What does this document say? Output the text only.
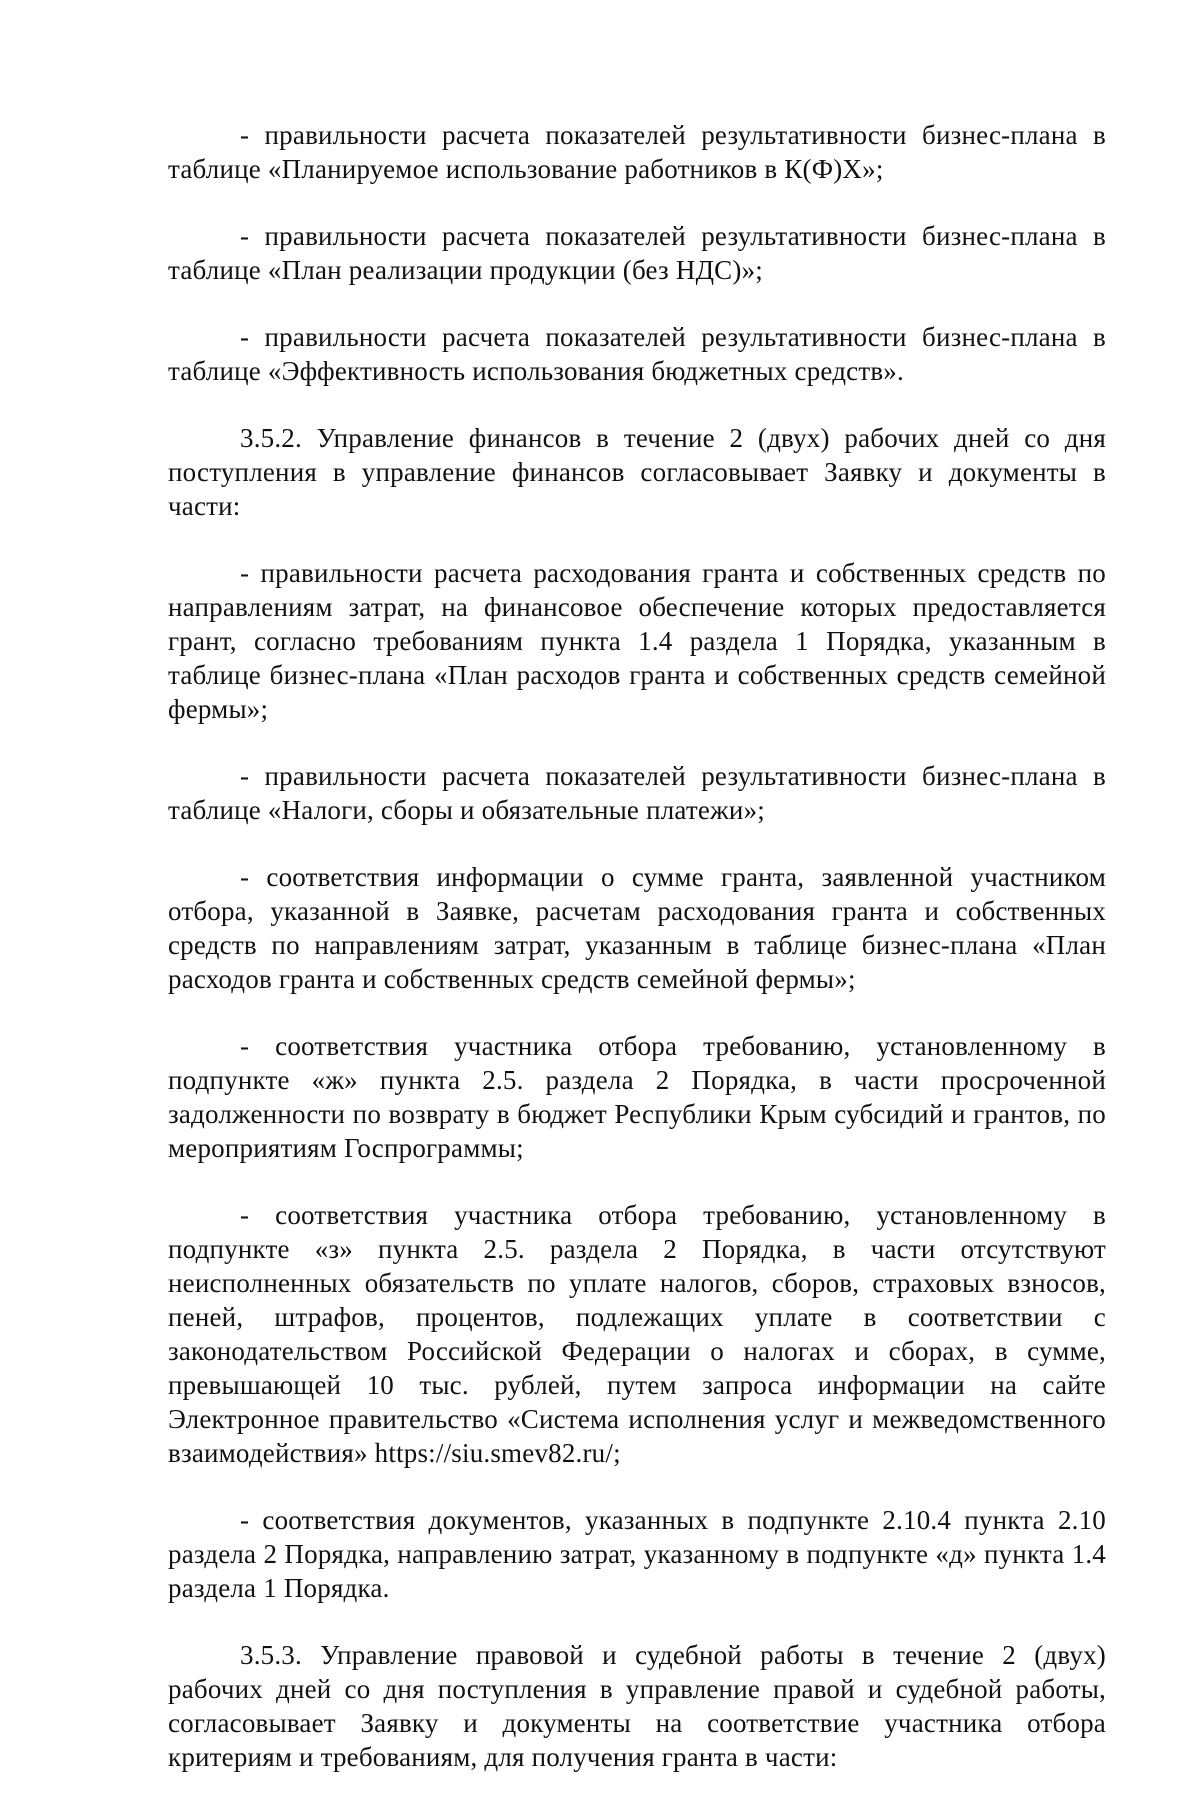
- правильности расчета показателей результативности бизнес-плана в таблице «Планируемое использование работников в К(Ф)Х»;

- правильности расчета показателей результативности бизнес-плана в таблице «План реализации продукции (без НДС)»;

- правильности расчета показателей результативности бизнес-плана в таблице «Эффективность использования бюджетных средств».

3.5.2. Управление финансов в течение 2 (двух) рабочих дней со дня поступления в управление финансов согласовывает Заявку и документы в части:

- правильности расчета расходования гранта и собственных средств по направлениям затрат, на финансовое обеспечение которых предоставляется грант, согласно требованиям пункта 1.4 раздела 1 Порядка, указанным в таблице бизнес-плана «План расходов гранта и собственных средств семейной фермы»;

- правильности расчета показателей результативности бизнес-плана в таблице «Налоги, сборы и обязательные платежи»;

- соответствия информации о сумме гранта, заявленной участником отбора, указанной в Заявке, расчетам расходования гранта и собственных средств по направлениям затрат, указанным в таблице бизнес-плана «План расходов гранта и собственных средств семейной фермы»;

- соответствия участника отбора требованию, установленному в подпункте «ж» пункта 2.5. раздела 2 Порядка, в части просроченной задолженности по возврату в бюджет Республики Крым субсидий и грантов, по мероприятиям Госпрограммы;

- соответствия участника отбора требованию, установленному в подпункте «з» пункта 2.5. раздела 2 Порядка, в части отсутствуют неисполненных обязательств по уплате налогов, сборов, страховых взносов, пеней, штрафов, процентов, подлежащих уплате в соответствии с законодательством Российской Федерации о налогах и сборах, в сумме, превышающей 10 тыс. рублей, путем запроса информации на сайте Электронное правительство «Система исполнения услуг и межведомственного взаимодействия» https://siu.smev82.ru/;

- соответствия документов, указанных в подпункте 2.10.4 пункта 2.10 раздела 2 Порядка, направлению затрат, указанному в подпункте «д» пункта 1.4 раздела 1 Порядка.

3.5.3. Управление правовой и судебной работы в течение 2 (двух) рабочих дней со дня поступления в управление правой и судебной работы, согласовывает Заявку и документы на соответствие участника отбора критериям и требованиям, для получения гранта в части:
